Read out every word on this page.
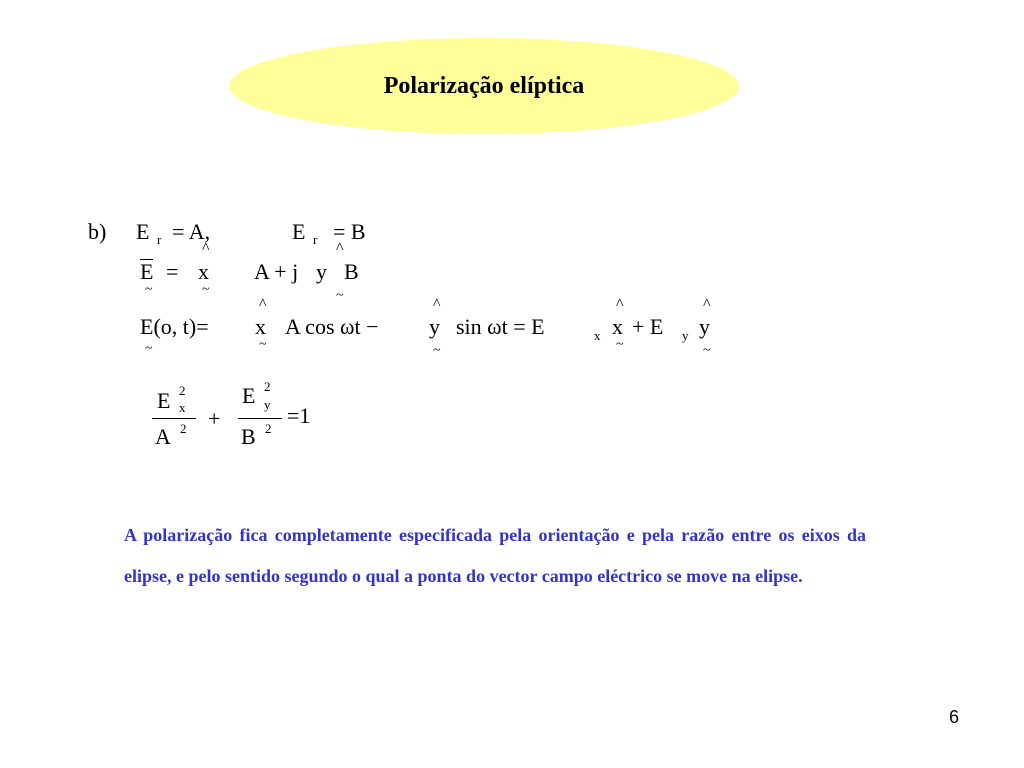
Polarização elíptica
b) E r = A,	E r = B
^	^
E = x A + j y B
~	~	~
^	^	^	^
E(o, t)= x A cos ωt − y sin ωt = E	x x + E y y
~	~	~	~	~
E 2
x
A 2 +
E 2
y
B 2
=1
A polarização fica completamente especificada pela orientação e pela razão entre os eixos da elipse, e pelo sentido segundo o qual a ponta do vector campo eléctrico se move na elipse.
6
